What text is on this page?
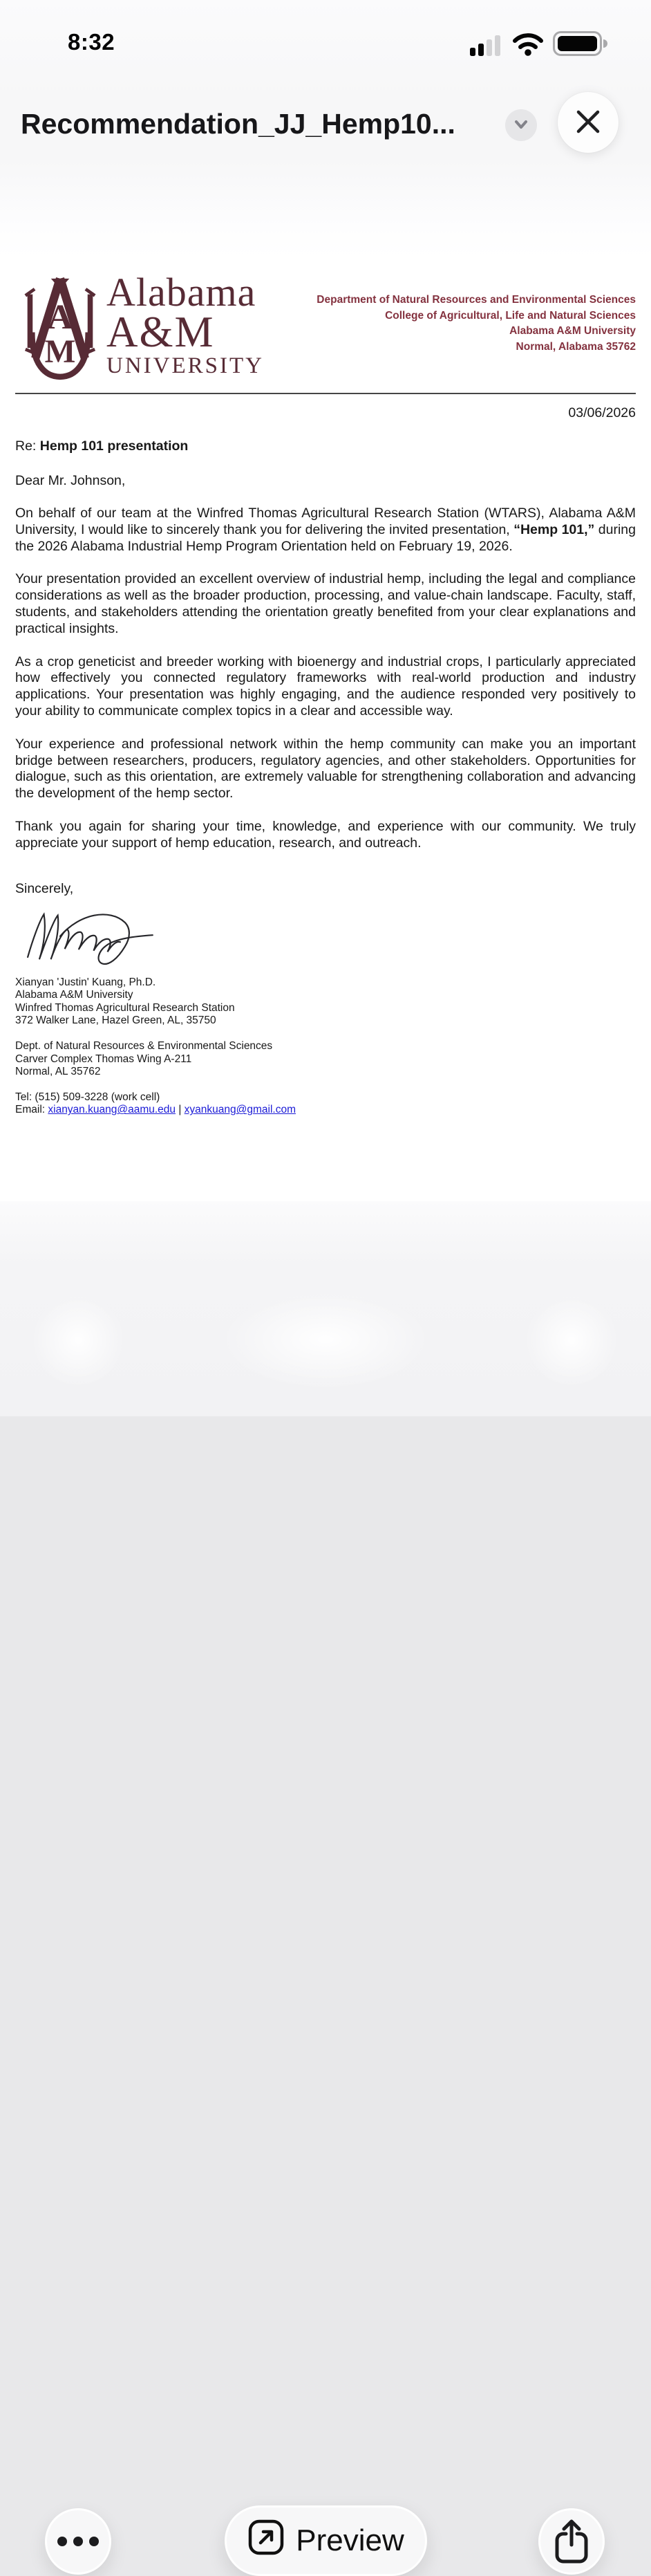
8:32
Recommendation_JJ_Hemp10...
A
M
Alabama
A&M
UNIVERSITY
Department of Natural Resources and Environmental Sciences
College of Agricultural, Life and Natural Sciences
Alabama A&M University
Normal, Alabama 35762
03/06/2026
Re: Hemp 101 presentation
Dear Mr. Johnson,

On behalf of our team at the Winfred Thomas Agricultural Research Station (WTARS), Alabama A&M University, I would like to sincerely thank you for delivering the invited presentation, “Hemp 101,” during the 2026 Alabama Industrial Hemp Program Orientation held on February 19, 2026.

Your presentation provided an excellent overview of industrial hemp, including the legal and compliance considerations as well as the broader production, processing, and value-chain landscape. Faculty, staff, students, and stakeholders attending the orientation greatly benefited from your clear explanations and practical insights.

As a crop geneticist and breeder working with bioenergy and industrial crops, I particularly appreciated how effectively you connected regulatory frameworks with real-world production and industry applications. Your presentation was highly engaging, and the audience responded very positively to your ability to communicate complex topics in a clear and accessible way.

Your experience and professional network within the hemp community can make you an important bridge between researchers, producers, regulatory agencies, and other stakeholders. Opportunities for dialogue, such as this orientation, are extremely valuable for strengthening collaboration and advancing the development of the hemp sector.

Thank you again for sharing your time, knowledge, and experience with our community. We truly appreciate your support of hemp education, research, and outreach.

Sincerely,
Xianyan 'Justin' Kuang, Ph.D.
Alabama A&M University
Winfred Thomas Agricultural Research Station
372 Walker Lane, Hazel Green, AL, 35750
Dept. of Natural Resources & Environmental Sciences
Carver Complex Thomas Wing A-211
Normal, AL 35762
Tel: (515) 509-3228 (work cell)
Email: xianyan.kuang@aamu.edu | xyankuang@gmail.com
Preview
